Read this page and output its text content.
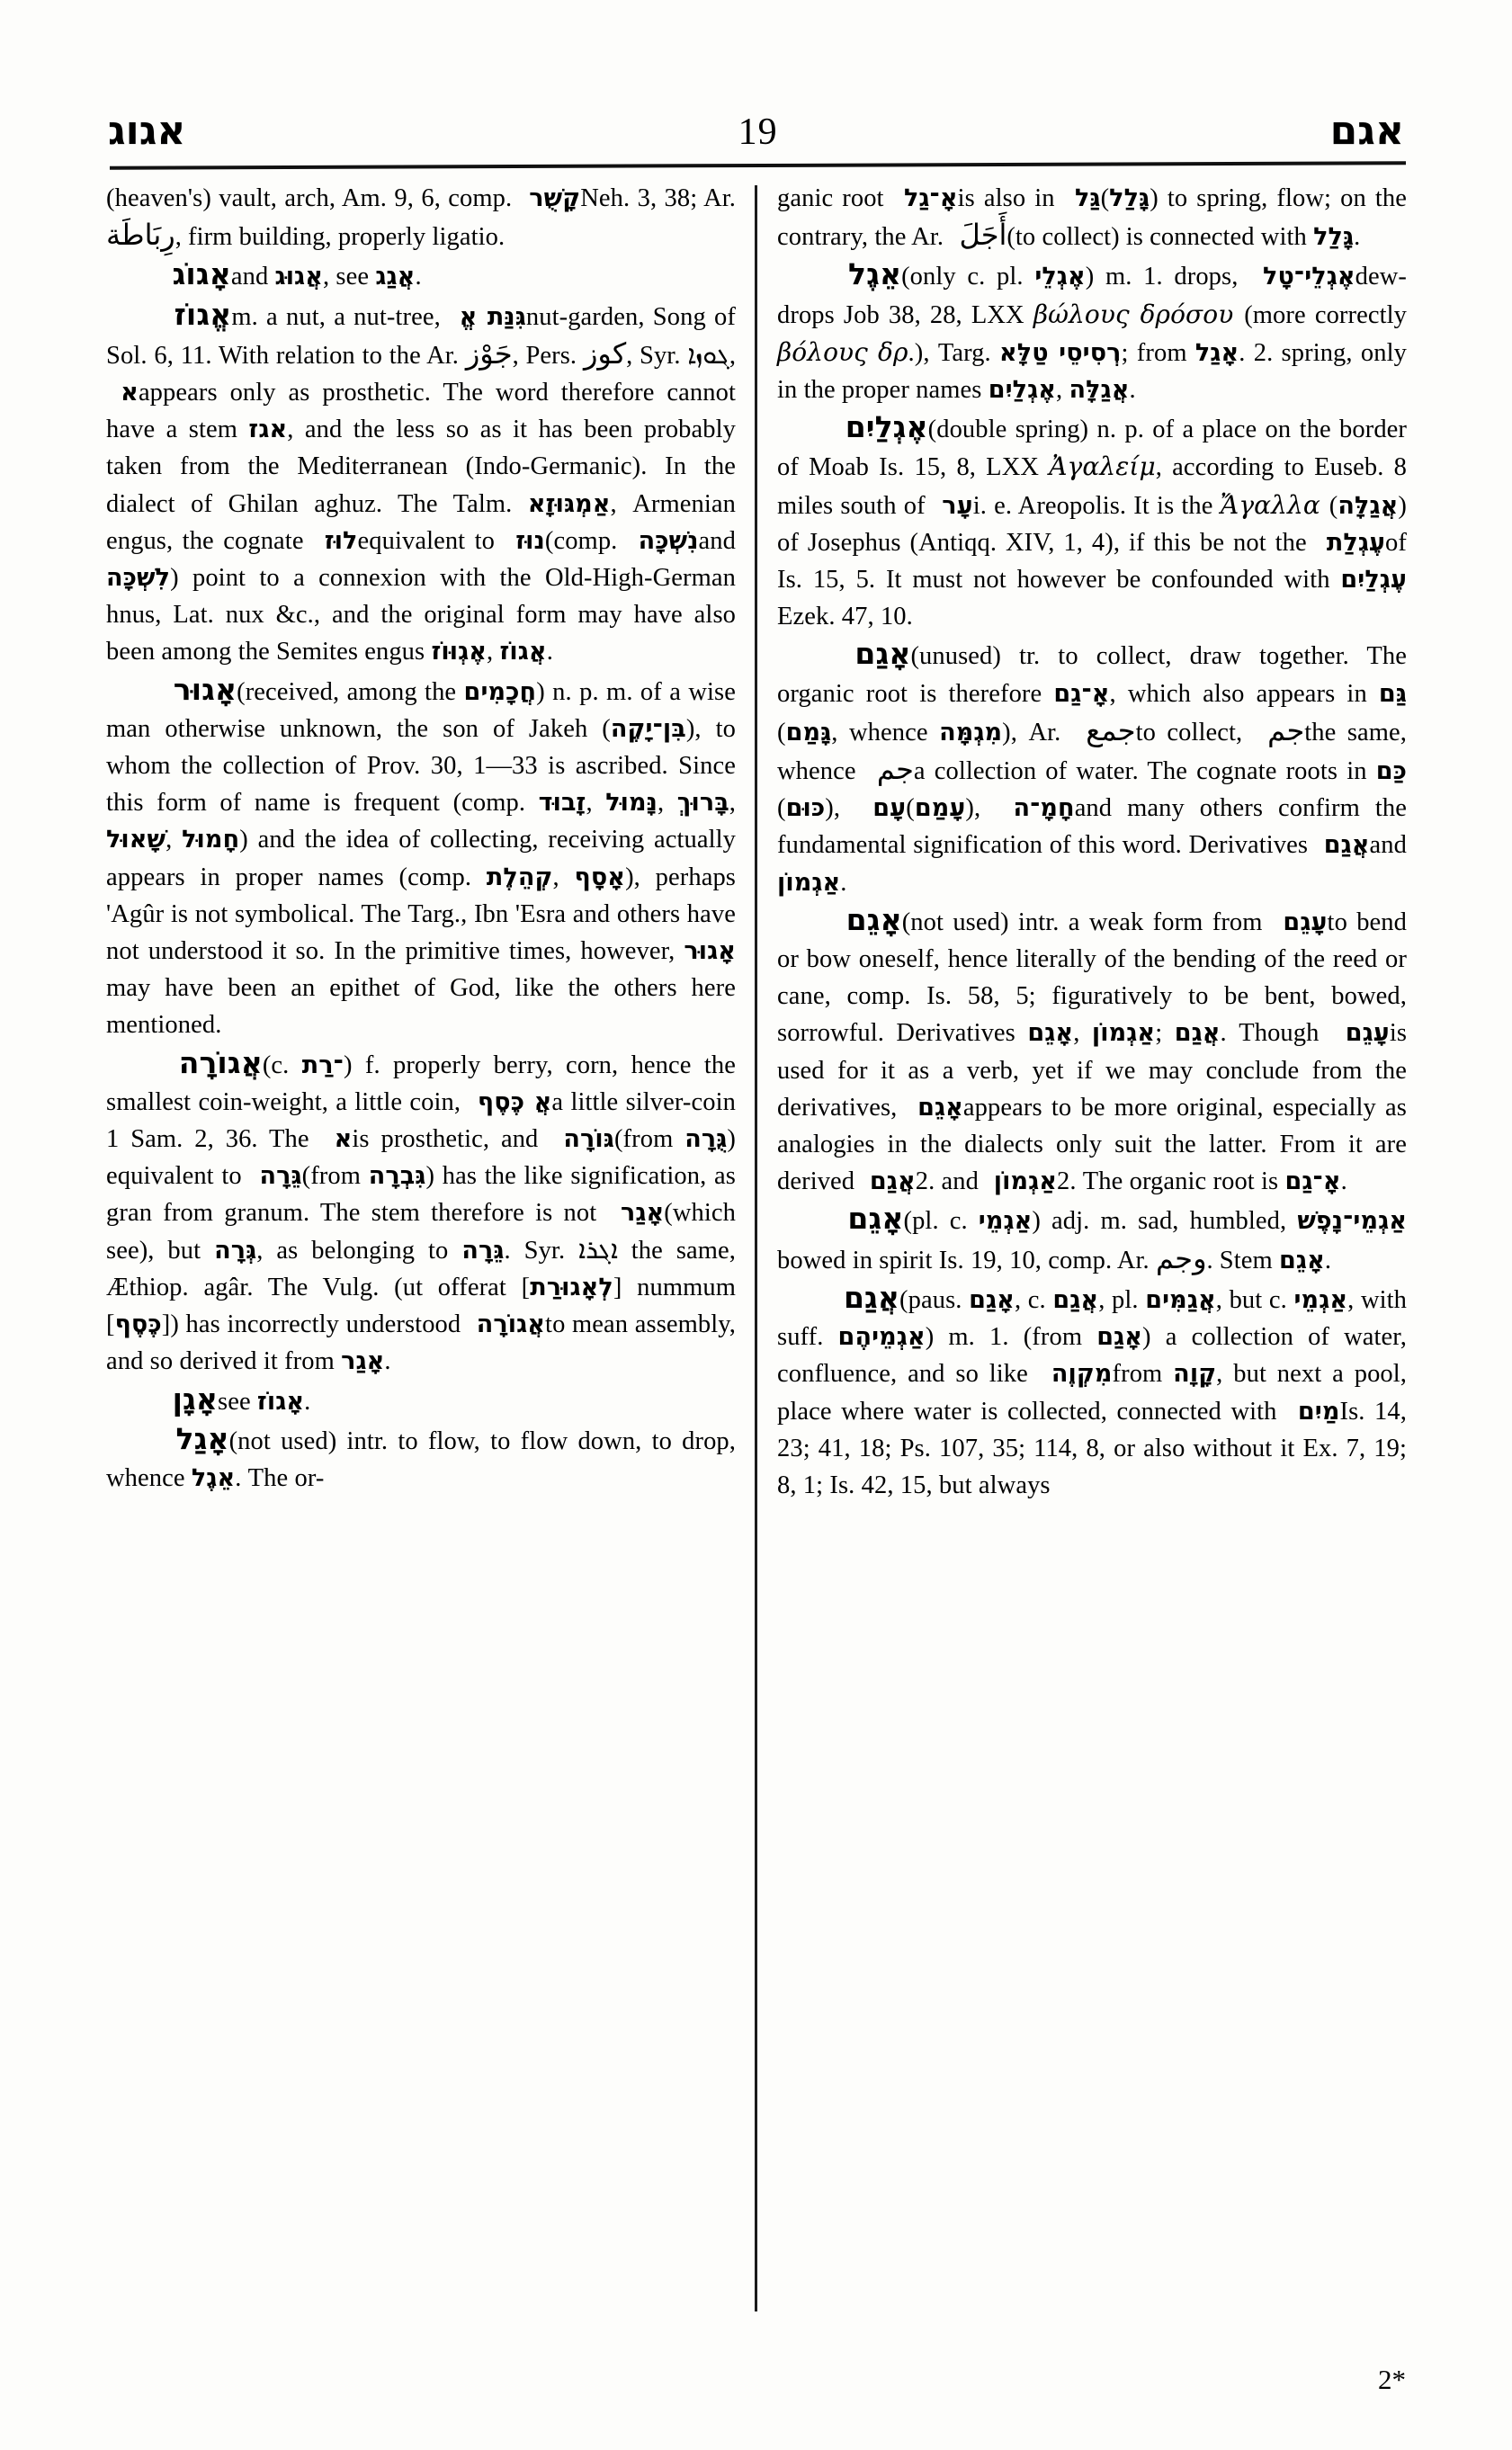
אגוג	19	אגם

(heaven's) vault, arch, Am. 9, 6, comp. קָשֻׁר Neh. 3, 38; Ar. رِبَاطَة, firm building, properly ligatio.

אָגוֹג and אֲגוּג, see אֲגַג.

אֱגוֹז m. a nut, a nut-tree, גִּנַּת אֱ nut-garden, Song of Sol. 6, 11. With relation to the Ar. جَوْز, Pers. كوز, Syr. ܓܘܙܐ, א appears only as prosthetic. The word therefore cannot have a stem אגז, and the less so as it has been probably taken from the Mediterranean (Indo-Germanic). In the dialect of Ghilan aghuz. The Talm. אַמְגּוּזָא, Armenian engus, the cognate לוּז equivalent to נוּז (comp. נִשְׁכָּה and לִשְׁכָּה) point to a connexion with the Old-High-German hnus, Lat. nux &c., and the original form may have also been among the Semites engus אֶגְוּוֹז, אֲגוֹז.

אָגוּר (received, among the חֲכָמִים) n. p. m. of a wise man otherwise unknown, the son of Jakeh (בִּן־יָקֶה), to whom the collection of Prov. 30, 1—33 is ascribed. Since this form of name is frequent (comp. זָבוּד, נָּמוּל, בָּרוּךְ, שָׁאוּל, חָמוּל) and the idea of collecting, receiving actually appears in proper names (comp. קְהֵלֶת, אָסָף), perhaps 'Agûr is not symbolical. The Targ., Ibn 'Esra and others have not understood it so. In the primitive times, however, אָגוּר may have been an epithet of God, like the others here mentioned.

אֲגוֹרָה (c. ־רַת) f. properly berry, corn, hence the smallest coin-weight, a little coin, אֲ כֶּסֶף a little silver-coin 1 Sam. 2, 36. The א is prosthetic, and גּוֹרָה (from גֻּרָה) equivalent to גֵּרָה (from גִּבְרָה) has the like signification, as gran from granum. The stem therefore is not אָגַר (which see), but גְּרָה, as belonging to גֵּרָה. Syr. ܐܓܪܐ the same, Æthiop. agâr. The Vulg. (ut offerat [לְאָגוּרַת] nummum [כֶּסֶף]) has incorrectly understood אֲגוֹרָה to mean assembly, and so derived it from אָגַר.

אָגָן see אָגוֹז.

אָגַל (not used) intr. to flow, to flow down, to drop, whence אֵגֶל. The or-

ganic root אָ־גַל is also in גַּל (גָּלַל) to spring, flow; on the contrary, the Ar. أَجَلَ (to collect) is connected with גָּלַל.

אֵגֶל (only c. pl. אֶגְלֵי) m. 1. drops, אֶגְלֵי־טָל dew-drops Job 38, 28, LXX βώλους δρόσου (more correctly βόλους δρ.), Targ. רְסִיסֵי טַלָּא; from אָגַל. 2. spring, only in the proper names אֶגְלַיִם, אֲגַלָּה.

אֶגְלַיִם (double spring) n. p. of a place on the border of Moab Is. 15, 8, LXX Ἀγαλείμ, according to Euseb. 8 miles south of עָר i. e. Areopolis. It is the Ἄγαλλα (אֲגַלָּה) of Josephus (Antiqq. XIV, 1, 4), if this be not the עֶגְלַת of Is. 15, 5. It must not however be confounded with עֶגְלַיִם Ezek. 47, 10.

אָגַם (unused) tr. to collect, draw together. The organic root is therefore אָ־גַם, which also appears in גַּם (גָּמַם, whence מִגְמָּה), Ar. جمع to collect, جم the same, whence جم a collection of water. The cognate roots in כַּם (כּוּם), עָם (עָמַם), חָמָ־ה and many others confirm the fundamental signification of this word. Derivatives אֲגַם and אַגְמוֹן.

אָגֵם (not used) intr. a weak form from עָגֵם to bend or bow oneself, hence literally of the bending of the reed or cane, comp. Is. 58, 5; figuratively to be bent, bowed, sorrowful. Derivatives אָגֵם, אַגְמוֹן; אֲגַם. Though עָגֵם is used for it as a verb, yet if we may conclude from the derivatives, אָגֵם appears to be more original, especially as analogies in the dialects only suit the latter. From it are derived אֲגַם 2. and אַגְמוֹן 2. The organic root is אָ־גַם.

אָגֵם (pl. c. אַגְמֵי) adj. m. sad, humbled, אַגְמֵי־נָפֶשׁ bowed in spirit Is. 19, 10, comp. Ar. وجم. Stem אָגֵם.

אֲגַם (paus. אָגַם, c. אֲגַם, pl. אֲגַמִּים, but c. אַגְמֵי, with suff. אַגְמֵיהֶם) m. 1. (from אָגַם) a collection of water, confluence, and so like מִקְוֶה from קָוָה, but next a pool, place where water is collected, connected with מַיִם Is. 14, 23; 41, 18; Ps. 107, 35; 114, 8, or also without it Ex. 7, 19; 8, 1; Is. 42, 15, but always

2*
